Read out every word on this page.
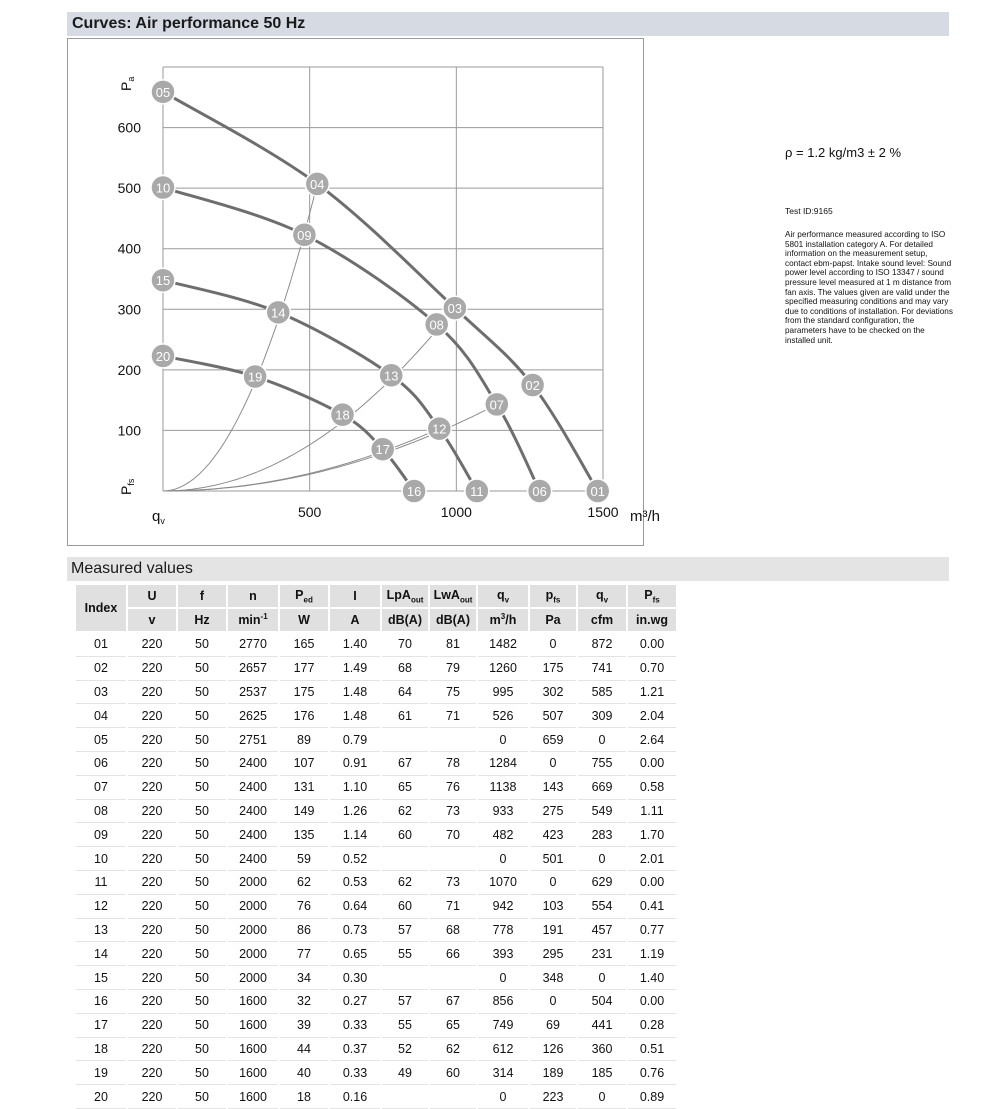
Curves: Air performance 50 Hz
100
200
300
400
500
600
500	1000	1500
$P_a$
$P_{fs}$
$q_v$	m³/h
01
02
03
04
05
06
07
08
09
10
11
12
13
14
15
16
17
18
19
20
ρ = 1.2 kg/m3 ± 2 %
Test ID:9165
Air performance measured according to ISO 5801 installation category A. For detailed information on the measurement setup, contact ebm-papst. Intake sound level: Sound power level according to ISO 13347 / sound pressure level measured at 1 m distance from fan axis. The values given are valid under the specified measuring conditions and may vary due to conditions of installation. For deviations from the standard configuration, the parameters have to be checked on the installed unit.
Measured values
Index	U	f	n	$P_{ed}$	I	LpA$_{out}$	LwA$_{out}$	$q_v$	$p_{fs}$	$q_v$	$P_{fs}$
	v	Hz	$\min^{-1}$	W	A	dB(A)	dB(A)	$m^3/h$	Pa	cfm	in.wg
01	220	50	2770	165	1.40	70	81	1482	0	872	0.00
02	220	50	2657	177	1.49	68	79	1260	175	741	0.70
03	220	50	2537	175	1.48	64	75	995	302	585	1.21
04	220	50	2625	176	1.48	61	71	526	507	309	2.04
05	220	50	2751	89	0.79			0	659	0	2.64
06	220	50	2400	107	0.91	67	78	1284	0	755	0.00
07	220	50	2400	131	1.10	65	76	1138	143	669	0.58
08	220	50	2400	149	1.26	62	73	933	275	549	1.11
09	220	50	2400	135	1.14	60	70	482	423	283	1.70
10	220	50	2400	59	0.52			0	501	0	2.01
11	220	50	2000	62	0.53	62	73	1070	0	629	0.00
12	220	50	2000	76	0.64	60	71	942	103	554	0.41
13	220	50	2000	86	0.73	57	68	778	191	457	0.77
14	220	50	2000	77	0.65	55	66	393	295	231	1.19
15	220	50	2000	34	0.30			0	348	0	1.40
16	220	50	1600	32	0.27	57	67	856	0	504	0.00
17	220	50	1600	39	0.33	55	65	749	69	441	0.28
18	220	50	1600	44	0.37	52	62	612	126	360	0.51
19	220	50	1600	40	0.33	49	60	314	189	185	0.76
20	220	50	1600	18	0.16			0	223	0	0.89
